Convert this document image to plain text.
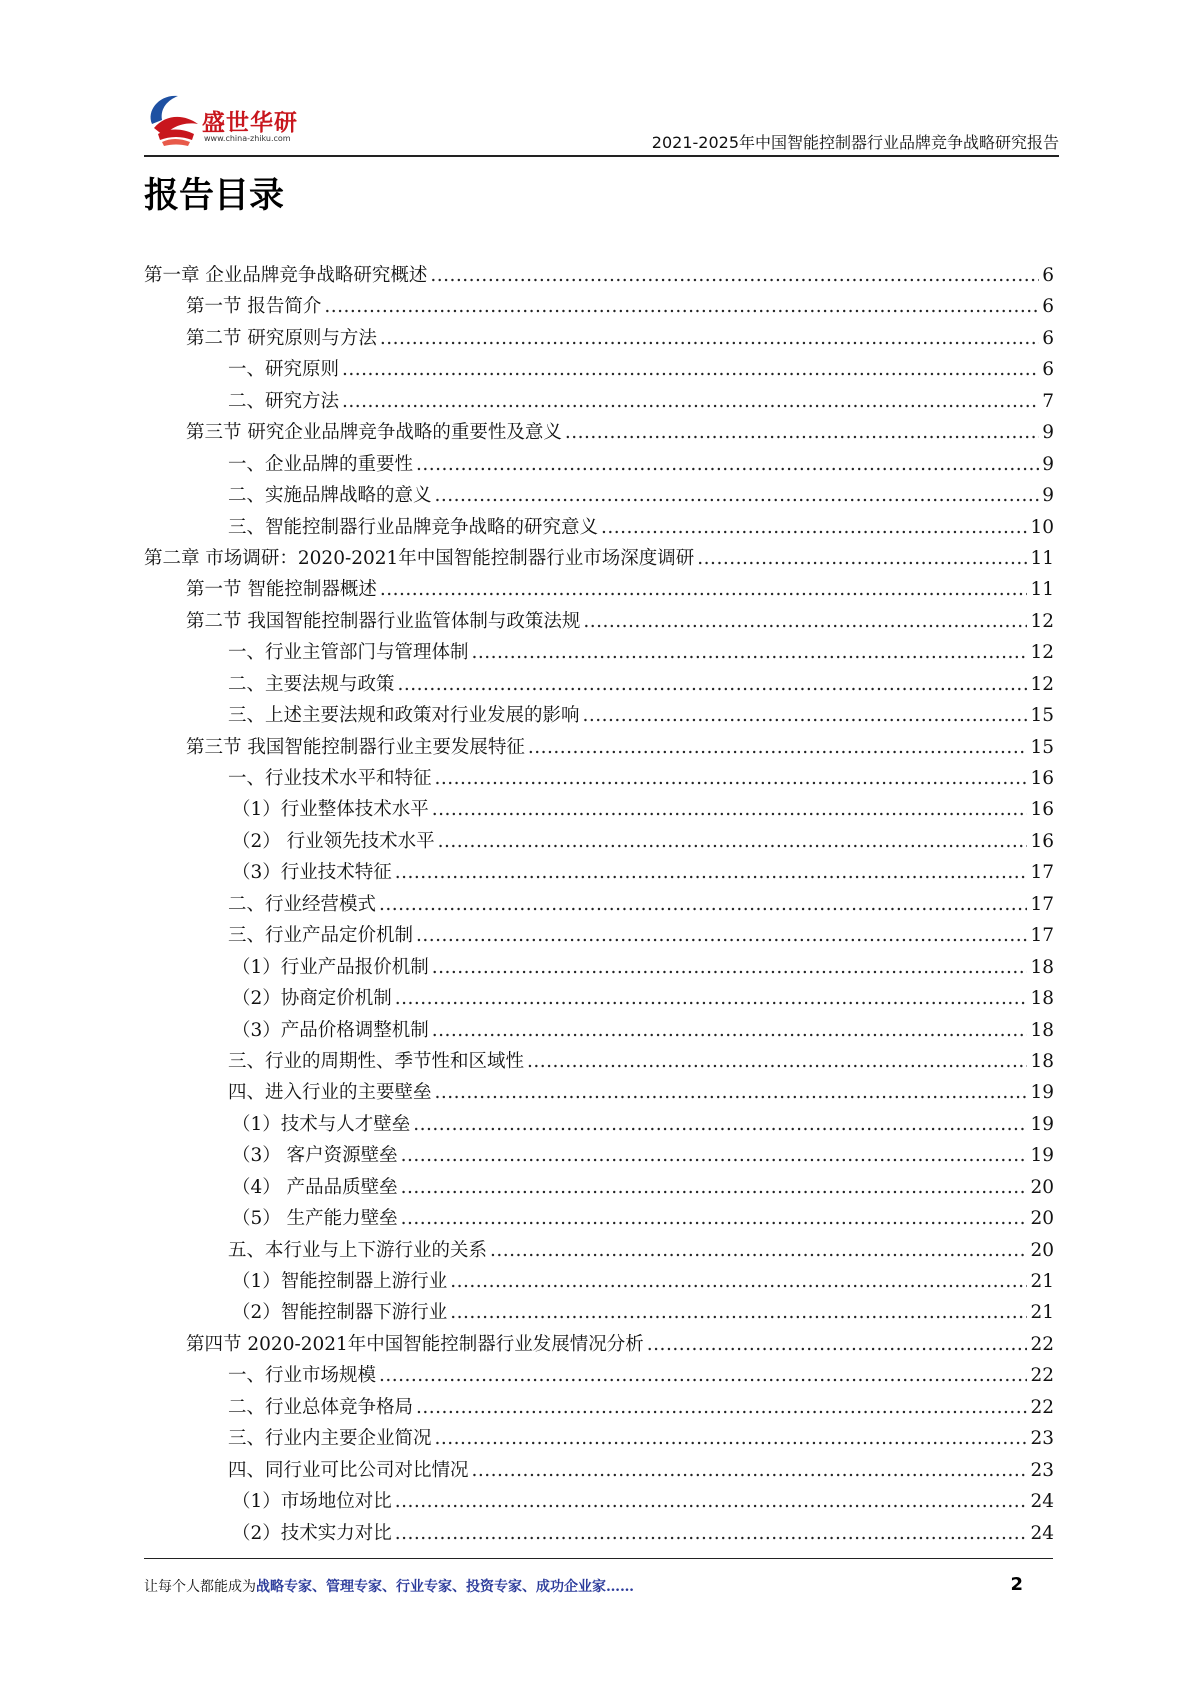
盛世华研
www.china-zhiku.com	2021-2025年中国智能控制器行业品牌竞争战略研究报告
报告目录
第一章 企业品牌竞争战略研究概述 .....	6
第一节 报告简介 .....	6
第二节 研究原则与方法 .....	6
一、研究原则 .....	6
二、研究方法 .....	7
第三节 研究企业品牌竞争战略的重要性及意义 .....	9
一、企业品牌的重要性 .....	9
二、实施品牌战略的意义 .....	9
三、智能控制器行业品牌竞争战略的研究意义 .....	10
第二章 市场调研：2020-2021年中国智能控制器行业市场深度调研 .....	11
第一节 智能控制器概述 .....	11
第二节 我国智能控制器行业监管体制与政策法规 .....	12
一、行业主管部门与管理体制 .....	12
二、主要法规与政策 .....	12
三、上述主要法规和政策对行业发展的影响 .....	15
第三节 我国智能控制器行业主要发展特征 .....	15
一、行业技术水平和特征 .....	16
（1）行业整体技术水平 .....	16
（2） 行业领先技术水平 .....	16
（3）行业技术特征 .....	17
二、行业经营模式 .....	17
三、行业产品定价机制 .....	17
（1）行业产品报价机制 .....	18
（2）协商定价机制 .....	18
（3）产品价格调整机制 .....	18
三、行业的周期性、季节性和区域性 .....	18
四、进入行业的主要壁垒 .....	19
（1）技术与人才壁垒 .....	19
（3） 客户资源壁垒 .....	19
（4） 产品品质壁垒 .....	20
（5） 生产能力壁垒 .....	20
五、本行业与上下游行业的关系 .....	20
（1）智能控制器上游行业 .....	21
（2）智能控制器下游行业 .....	21
第四节 2020-2021年中国智能控制器行业发展情况分析 .....	22
一、行业市场规模 .....	22
二、行业总体竞争格局 .....	22
三、行业内主要企业简况 .....	23
四、同行业可比公司对比情况 .....	23
（1）市场地位对比 .....	24
（2）技术实力对比 .....	24
让每个人都能成为战略专家、管理专家、行业专家、投资专家、成功企业家……	2
